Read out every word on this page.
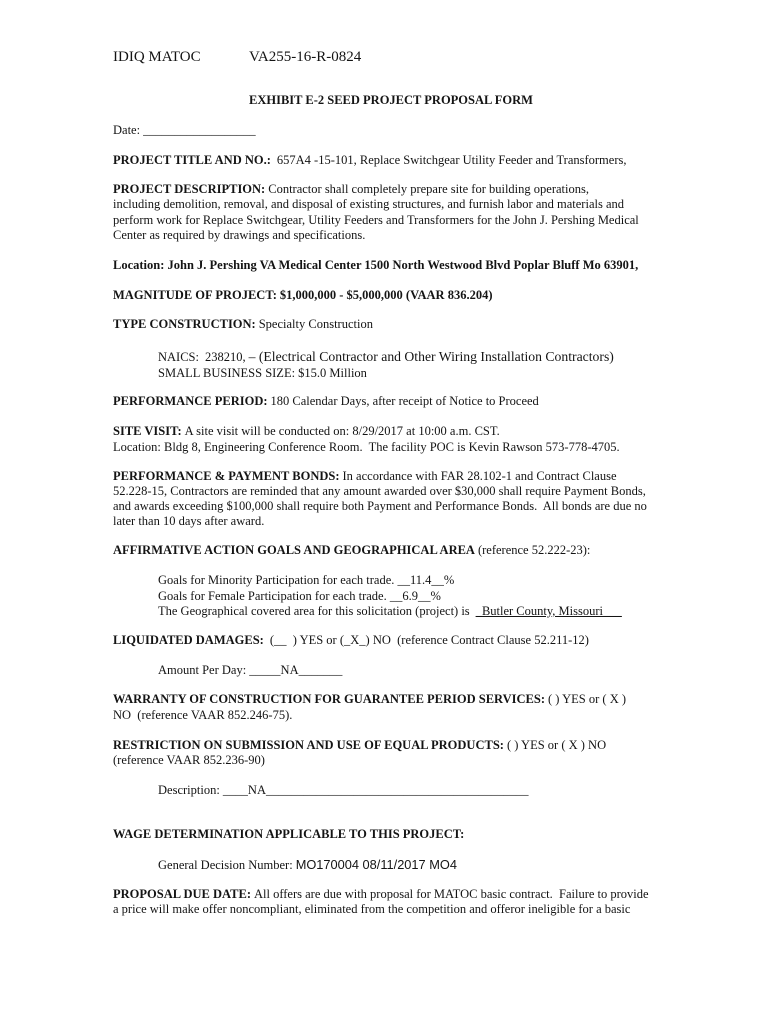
IDIQ MATOC	VA255-16-R-0824
EXHIBIT E-2 SEED PROJECT PROPOSAL FORM
Date: __________________
PROJECT TITLE AND NO.: 657A4 -15-101, Replace Switchgear Utility Feeder and Transformers,
PROJECT DESCRIPTION: Contractor shall completely prepare site for building operations,
including demolition, removal, and disposal of existing structures, and furnish labor and materials and
perform work for Replace Switchgear, Utility Feeders and Transformers for the John J. Pershing Medical
Center as required by drawings and specifications.
Location: John J. Pershing VA Medical Center 1500 North Westwood Blvd Poplar Bluff Mo 63901,
MAGNITUDE OF PROJECT: $1,000,000 - $5,000,000 (VAAR 836.204)
TYPE CONSTRUCTION: Specialty Construction
NAICS: 238210, – (Electrical Contractor and Other Wiring Installation Contractors)
SMALL BUSINESS SIZE: $15.0 Million
PERFORMANCE PERIOD: 180 Calendar Days, after receipt of Notice to Proceed
SITE VISIT: A site visit will be conducted on: 8/29/2017 at 10:00 a.m. CST.
Location: Bldg 8, Engineering Conference Room.  The facility POC is Kevin Rawson 573-778-4705.
PERFORMANCE & PAYMENT BONDS: In accordance with FAR 28.102-1 and Contract Clause
52.228-15, Contractors are reminded that any amount awarded over $30,000 shall require Payment Bonds,
and awards exceeding $100,000 shall require both Payment and Performance Bonds.  All bonds are due no
later than 10 days after award.
AFFIRMATIVE ACTION GOALS AND GEOGRAPHICAL AREA (reference 52.222-23):
Goals for Minority Participation for each trade. __11.4__%
Goals for Female Participation for each trade. __6.9__%
The Geographical covered area for this solicitation (project) is _Butler County, Missouri___
LIQUIDATED DAMAGES: (__  ) YES or (_X_) NO  (reference Contract Clause 52.211-12)
Amount Per Day: _____NA_______
WARRANTY OF CONSTRUCTION FOR GUARANTEE PERIOD SERVICES: ( ) YES or ( X )
NO  (reference VAAR 852.246-75).
RESTRICTION ON SUBMISSION AND USE OF EQUAL PRODUCTS: ( ) YES or ( X ) NO
(reference VAAR 852.236-90)
Description: ____NA__________________________________________
WAGE DETERMINATION APPLICABLE TO THIS PROJECT:
General Decision Number: MO170004 08/11/2017 MO4
PROPOSAL DUE DATE: All offers are due with proposal for MATOC basic contract.  Failure to provide
a price will make offer noncompliant, eliminated from the competition and offeror ineligible for a basic
